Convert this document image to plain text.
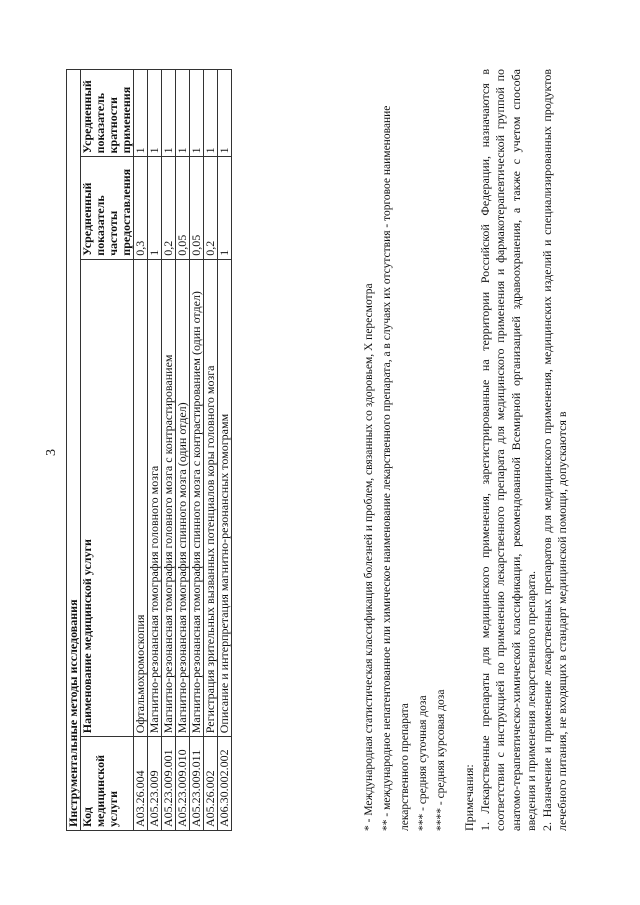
3
Инструментальные методы исследования			
Код медицинской услуги	Наименование медицинской услуги	Усредненный показатель частоты предоставления	Усредненный показатель кратности применения
A03.26.004	Офтальмохромоскопия	0,3	1
A05.23.009	Магнитно-резонансная томография головного мозга	1	1
A05.23.009.001	Магнитно-резонансная томография головного мозга с контрастированием	0,2	1
A05.23.009.010	Магнитно-резонансная томография спинного мозга (один отдел)	0,05	1
A05.23.009.011	Магнитно-резонансная томография спинного мозга с контрастированием (один отдел)	0,05	1
A05.26.002	Регистрация зрительных вызванных потенциалов коры головного мозга	0,2	1
A06.30.002.002	Описание и интерпретация магнитно-резонансных томограмм	1	1

* - Международная статистическая классификация болезней и проблем, связанных со здоровьем, X пересмотра ** - международное непатентованное или химическое наименование лекарственного препарата, а в случаях их отсутствия - торговое наименование лекарственного препарата *** - средняя суточная доза **** - средняя курсовая доза Примечания: 1. Лекарственные препараты для медицинского применения, зарегистрированные на территории Российской Федерации, назначаются в соответствии с инструкцией по применению лекарственного препарата для медицинского применения и фармакотерапевтической группой по анатомо-терапевтическо-химической классификации, рекомендованной Всемирной организацией здравоохранения, а также с учетом способа введения и применения лекарственного препарата. 2. Назначение и применение лекарственных препаратов для медицинского применения, медицинских изделий и специализированных продуктов лечебного питания, не входящих в стандарт медицинской помощи, допускаются в
